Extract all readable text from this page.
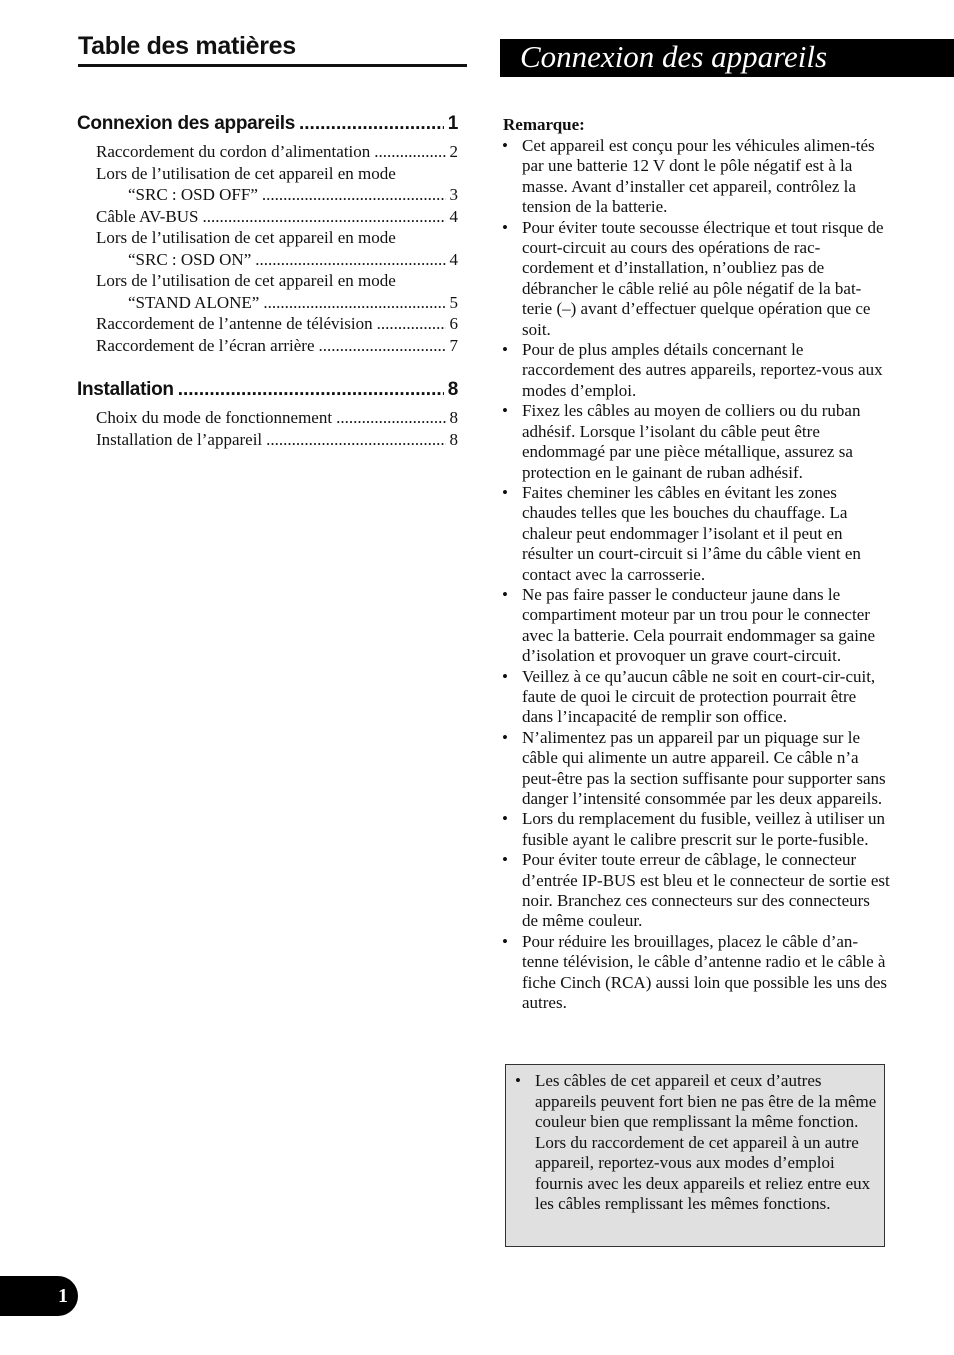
Table des matières
Connexion des appareils .....	1
Raccordement du cordon d’alimentation .....	2
Lors de l’utilisation de cet appareil en mode
“SRC : OSD OFF” .....	3
Câble AV-BUS .....	4
Lors de l’utilisation de cet appareil en mode
“SRC : OSD ON” .....	4
Lors de l’utilisation de cet appareil en mode
“STAND ALONE” .....	5
Raccordement de l’antenne de télévision .....	6
Raccordement de l’écran arrière .....	7
Installation .....	8
Choix du mode de fonctionnement .....	8
Installation de l’appareil .....	8
Connexion des appareils
Remarque:
• Cet appareil est conçu pour les véhicules alimen-tés par une batterie 12 V dont le pôle négatif est à la masse. Avant d’installer cet appareil, contrôlez la tension de la batterie.
• Pour éviter toute secousse électrique et tout risque de court-circuit au cours des opérations de rac-cordement et d’installation, n’oubliez pas de débrancher le câble relié au pôle négatif de la bat-terie (–) avant d’effectuer quelque opération que ce soit.
• Pour de plus amples détails concernant le raccordement des autres appareils, reportez-vous aux modes d’emploi.
• Fixez les câbles au moyen de colliers ou du ruban adhésif. Lorsque l’isolant du câble peut être endommagé par une pièce métallique, assurez sa protection en le gainant de ruban adhésif.
• Faites cheminer les câbles en évitant les zones chaudes telles que les bouches du chauffage. La chaleur peut endommager l’isolant et il peut en résulter un court-circuit si l’âme du câble vient en contact avec la carrosserie.
• Ne pas faire passer le conducteur jaune dans le compartiment moteur par un trou pour le connecter avec la batterie. Cela pourrait endommager sa gaine d’isolation et provoquer un grave court-circuit.
• Veillez à ce qu’aucun câble ne soit en court-cir-cuit, faute de quoi le circuit de protection pourrait être dans l’incapacité de remplir son office.
• N’alimentez pas un appareil par un piquage sur le câble qui alimente un autre appareil. Ce câble n’a peut-être pas la section suffisante pour supporter sans danger l’intensité consommée par les deux appareils.
• Lors du remplacement du fusible, veillez à utiliser un fusible ayant le calibre prescrit sur le porte-fusible.
• Pour éviter toute erreur de câblage, le connecteur d’entrée IP-BUS est bleu et le connecteur de sortie est noir. Branchez ces connecteurs sur des connecteurs de même couleur.
• Pour réduire les brouillages, placez le câble d’an-tenne télévision, le câble d’antenne radio et le câble à fiche Cinch (RCA) aussi loin que possible les uns des autres.
• Les câbles de cet appareil et ceux d’autres appareils peuvent fort bien ne pas être de la même couleur bien que remplissant la même fonction. Lors du raccordement de cet appareil à un autre appareil, reportez-vous aux modes d’emploi fournis avec les deux appareils et reliez entre eux les câbles remplissant les mêmes fonctions.
1
